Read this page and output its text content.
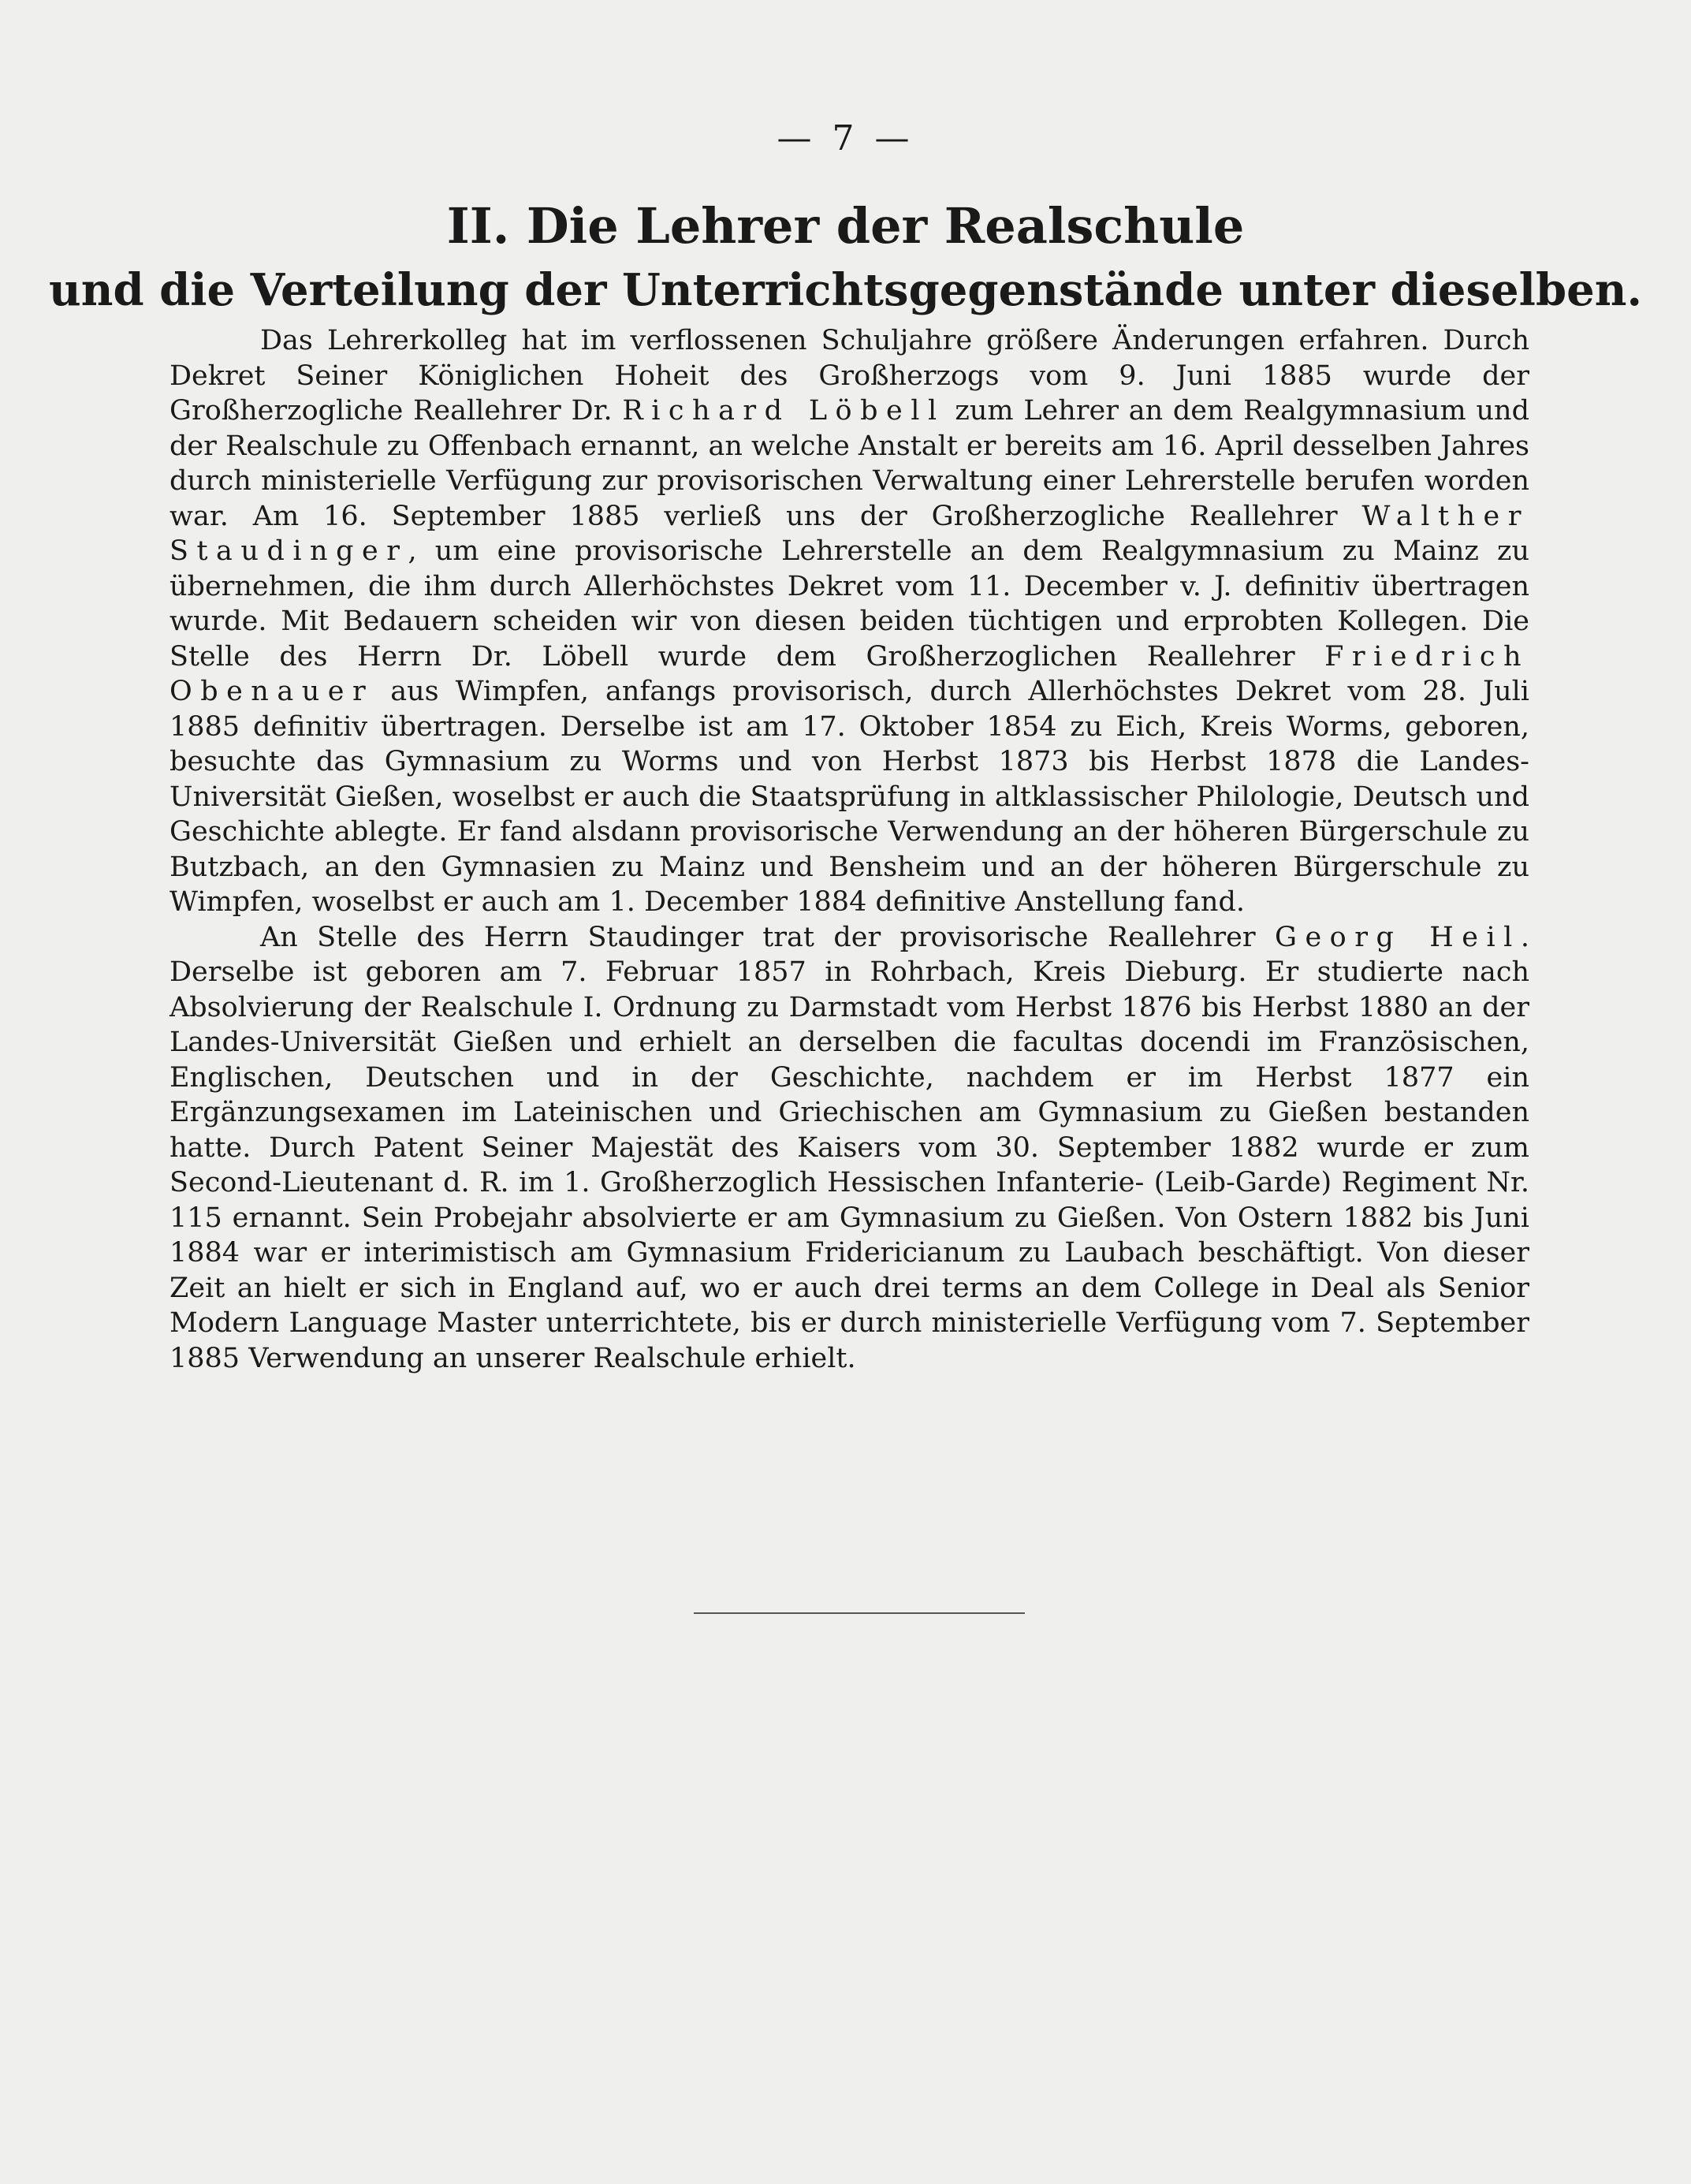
— 7 —
II. Die Lehrer der Realschule
und die Verteilung der Unterrichtsgegenstände unter dieselben.

Das Lehrerkolleg hat im verflossenen Schuljahre größere Änderungen erfahren. Durch Dekret Seiner Königlichen Hoheit des Großherzogs vom 9. Juni 1885 wurde der Großherzogliche Reallehrer Dr. Richard Löbell zum Lehrer an dem Realgymnasium und der Realschule zu Offenbach ernannt, an welche Anstalt er bereits am 16. April desselben Jahres durch ministerielle Verfügung zur provisorischen Verwaltung einer Lehrerstelle berufen worden war. Am 16. September 1885 verließ uns der Großherzogliche Reallehrer Walther Staudinger, um eine provisorische Lehrerstelle an dem Realgymnasium zu Mainz zu übernehmen, die ihm durch Allerhöchstes Dekret vom 11. December v. J. definitiv übertragen wurde. Mit Bedauern scheiden wir von diesen beiden tüchtigen und erprobten Kollegen. Die Stelle des Herrn Dr. Löbell wurde dem Großherzoglichen Reallehrer Friedrich Obenauer aus Wimpfen, anfangs provisorisch, durch Allerhöchstes Dekret vom 28. Juli 1885 definitiv übertragen. Derselbe ist am 17. Oktober 1854 zu Eich, Kreis Worms, geboren, besuchte das Gymnasium zu Worms und von Herbst 1873 bis Herbst 1878 die Landes-Universität Gießen, woselbst er auch die Staatsprüfung in altklassischer Philologie, Deutsch und Geschichte ablegte. Er fand alsdann provisorische Verwendung an der höheren Bürgerschule zu Butzbach, an den Gymnasien zu Mainz und Bensheim und an der höheren Bürgerschule zu Wimpfen, woselbst er auch am 1. December 1884 definitive Anstellung fand.

An Stelle des Herrn Staudinger trat der provisorische Reallehrer Georg Heil. Derselbe ist geboren am 7. Februar 1857 in Rohrbach, Kreis Dieburg. Er studierte nach Absolvierung der Realschule I. Ordnung zu Darmstadt vom Herbst 1876 bis Herbst 1880 an der Landes-Universität Gießen und erhielt an derselben die facultas docendi im Französischen, Englischen, Deutschen und in der Geschichte, nachdem er im Herbst 1877 ein Ergänzungsexamen im Lateinischen und Griechischen am Gymnasium zu Gießen bestanden hatte. Durch Patent Seiner Majestät des Kaisers vom 30. September 1882 wurde er zum Second-Lieutenant d. R. im 1. Großherzoglich Hessischen Infanterie- (Leib-Garde) Regiment Nr. 115 ernannt. Sein Probejahr absolvierte er am Gymnasium zu Gießen. Von Ostern 1882 bis Juni 1884 war er interimistisch am Gymnasium Fridericianum zu Laubach beschäftigt. Von dieser Zeit an hielt er sich in England auf, wo er auch drei terms an dem College in Deal als Senior Modern Language Master unterrichtete, bis er durch ministerielle Verfügung vom 7. September 1885 Verwendung an unserer Realschule erhielt.
